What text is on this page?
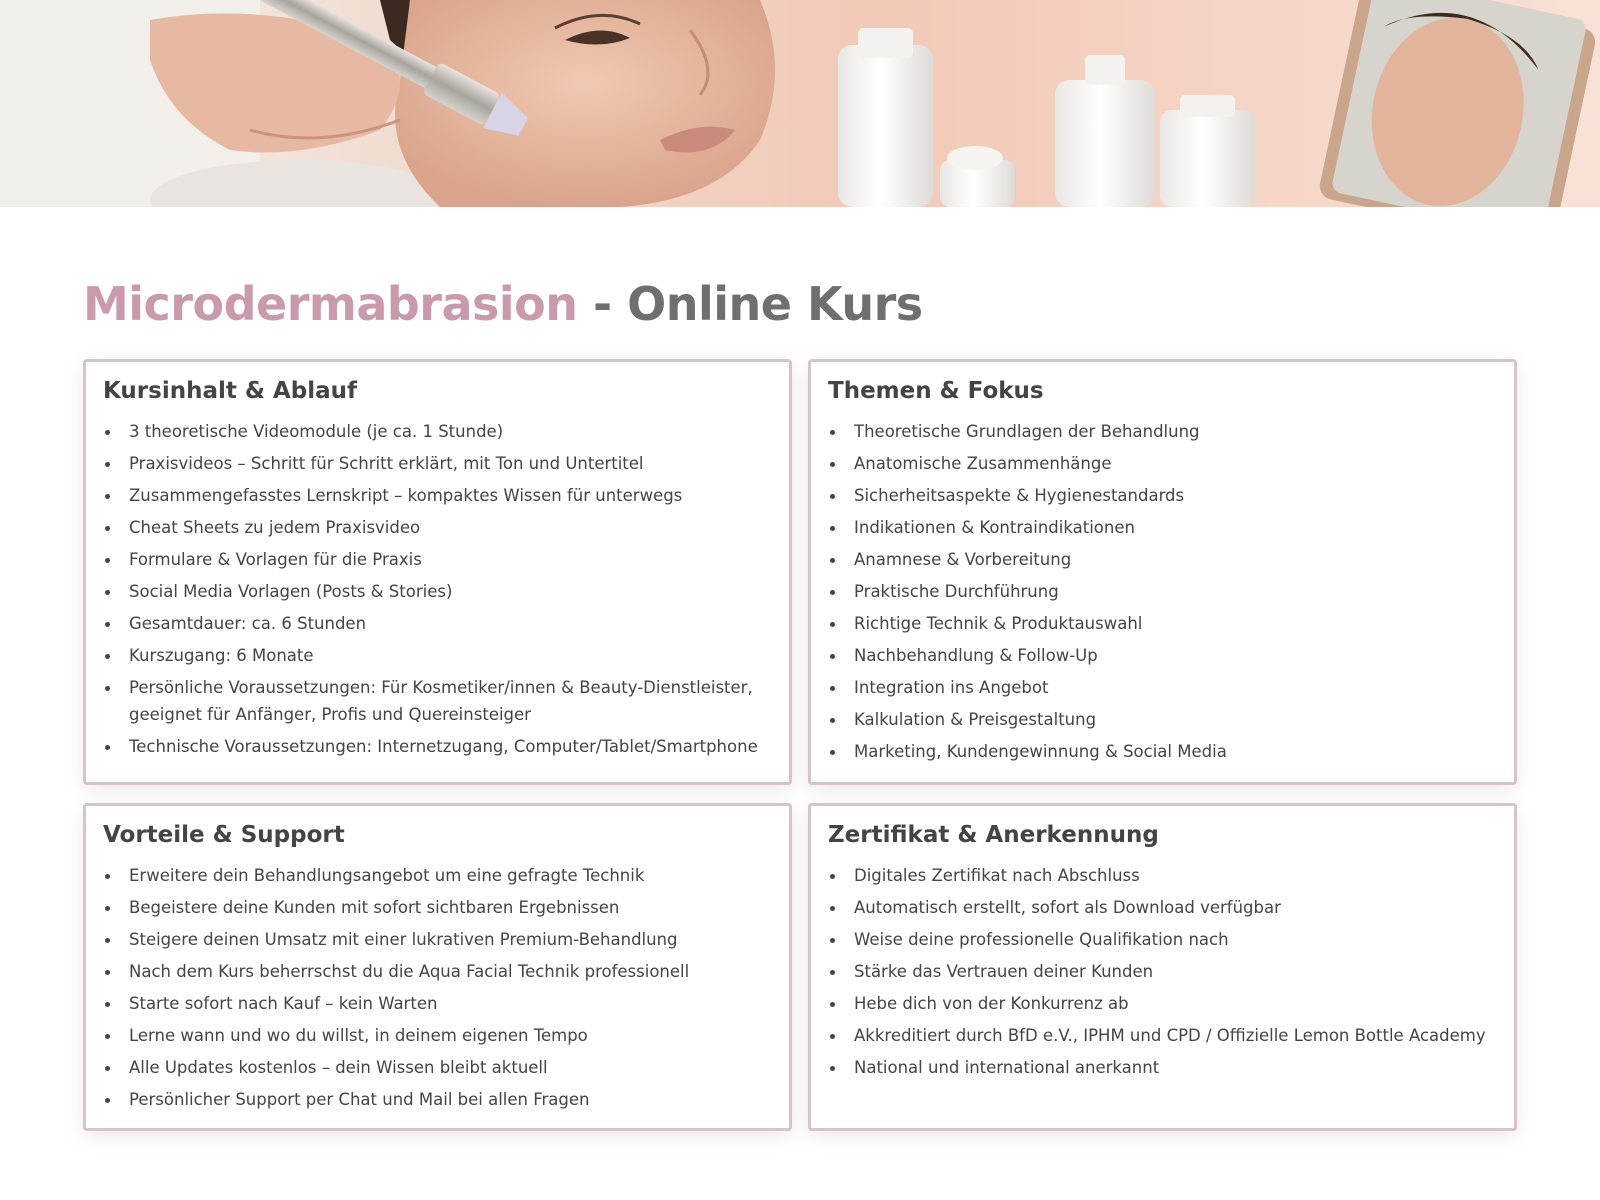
Microdermabrasion - Online Kurs
Kursinhalt & Ablauf
3 theoretische Videomodule (je ca. 1 Stunde)
Praxisvideos – Schritt für Schritt erklärt, mit Ton und Untertitel
Zusammengefasstes Lernskript – kompaktes Wissen für unterwegs
Cheat Sheets zu jedem Praxisvideo
Formulare & Vorlagen für die Praxis
Social Media Vorlagen (Posts & Stories)
Gesamtdauer: ca. 6 Stunden
Kurszugang: 6 Monate
Persönliche Voraussetzungen: Für Kosmetiker/innen & Beauty-Dienstleister, geeignet für Anfänger, Profis und Quereinsteiger
Technische Voraussetzungen: Internetzugang, Computer/Tablet/Smartphone
Themen & Fokus
Theoretische Grundlagen der Behandlung
Anatomische Zusammenhänge
Sicherheitsaspekte & Hygienestandards
Indikationen & Kontraindikationen
Anamnese & Vorbereitung
Praktische Durchführung
Richtige Technik & Produktauswahl
Nachbehandlung & Follow-Up
Integration ins Angebot
Kalkulation & Preisgestaltung
Marketing, Kundengewinnung & Social Media
Vorteile & Support
Erweitere dein Behandlungsangebot um eine gefragte Technik
Begeistere deine Kunden mit sofort sichtbaren Ergebnissen
Steigere deinen Umsatz mit einer lukrativen Premium-Behandlung
Nach dem Kurs beherrschst du die Aqua Facial Technik professionell
Starte sofort nach Kauf – kein Warten
Lerne wann und wo du willst, in deinem eigenen Tempo
Alle Updates kostenlos – dein Wissen bleibt aktuell
Persönlicher Support per Chat und Mail bei allen Fragen
Zertifikat & Anerkennung
Digitales Zertifikat nach Abschluss
Automatisch erstellt, sofort als Download verfügbar
Weise deine professionelle Qualifikation nach
Stärke das Vertrauen deiner Kunden
Hebe dich von der Konkurrenz ab
Akkreditiert durch BfD e.V., IPHM und CPD / Offizielle Lemon Bottle Academy
National und international anerkannt
